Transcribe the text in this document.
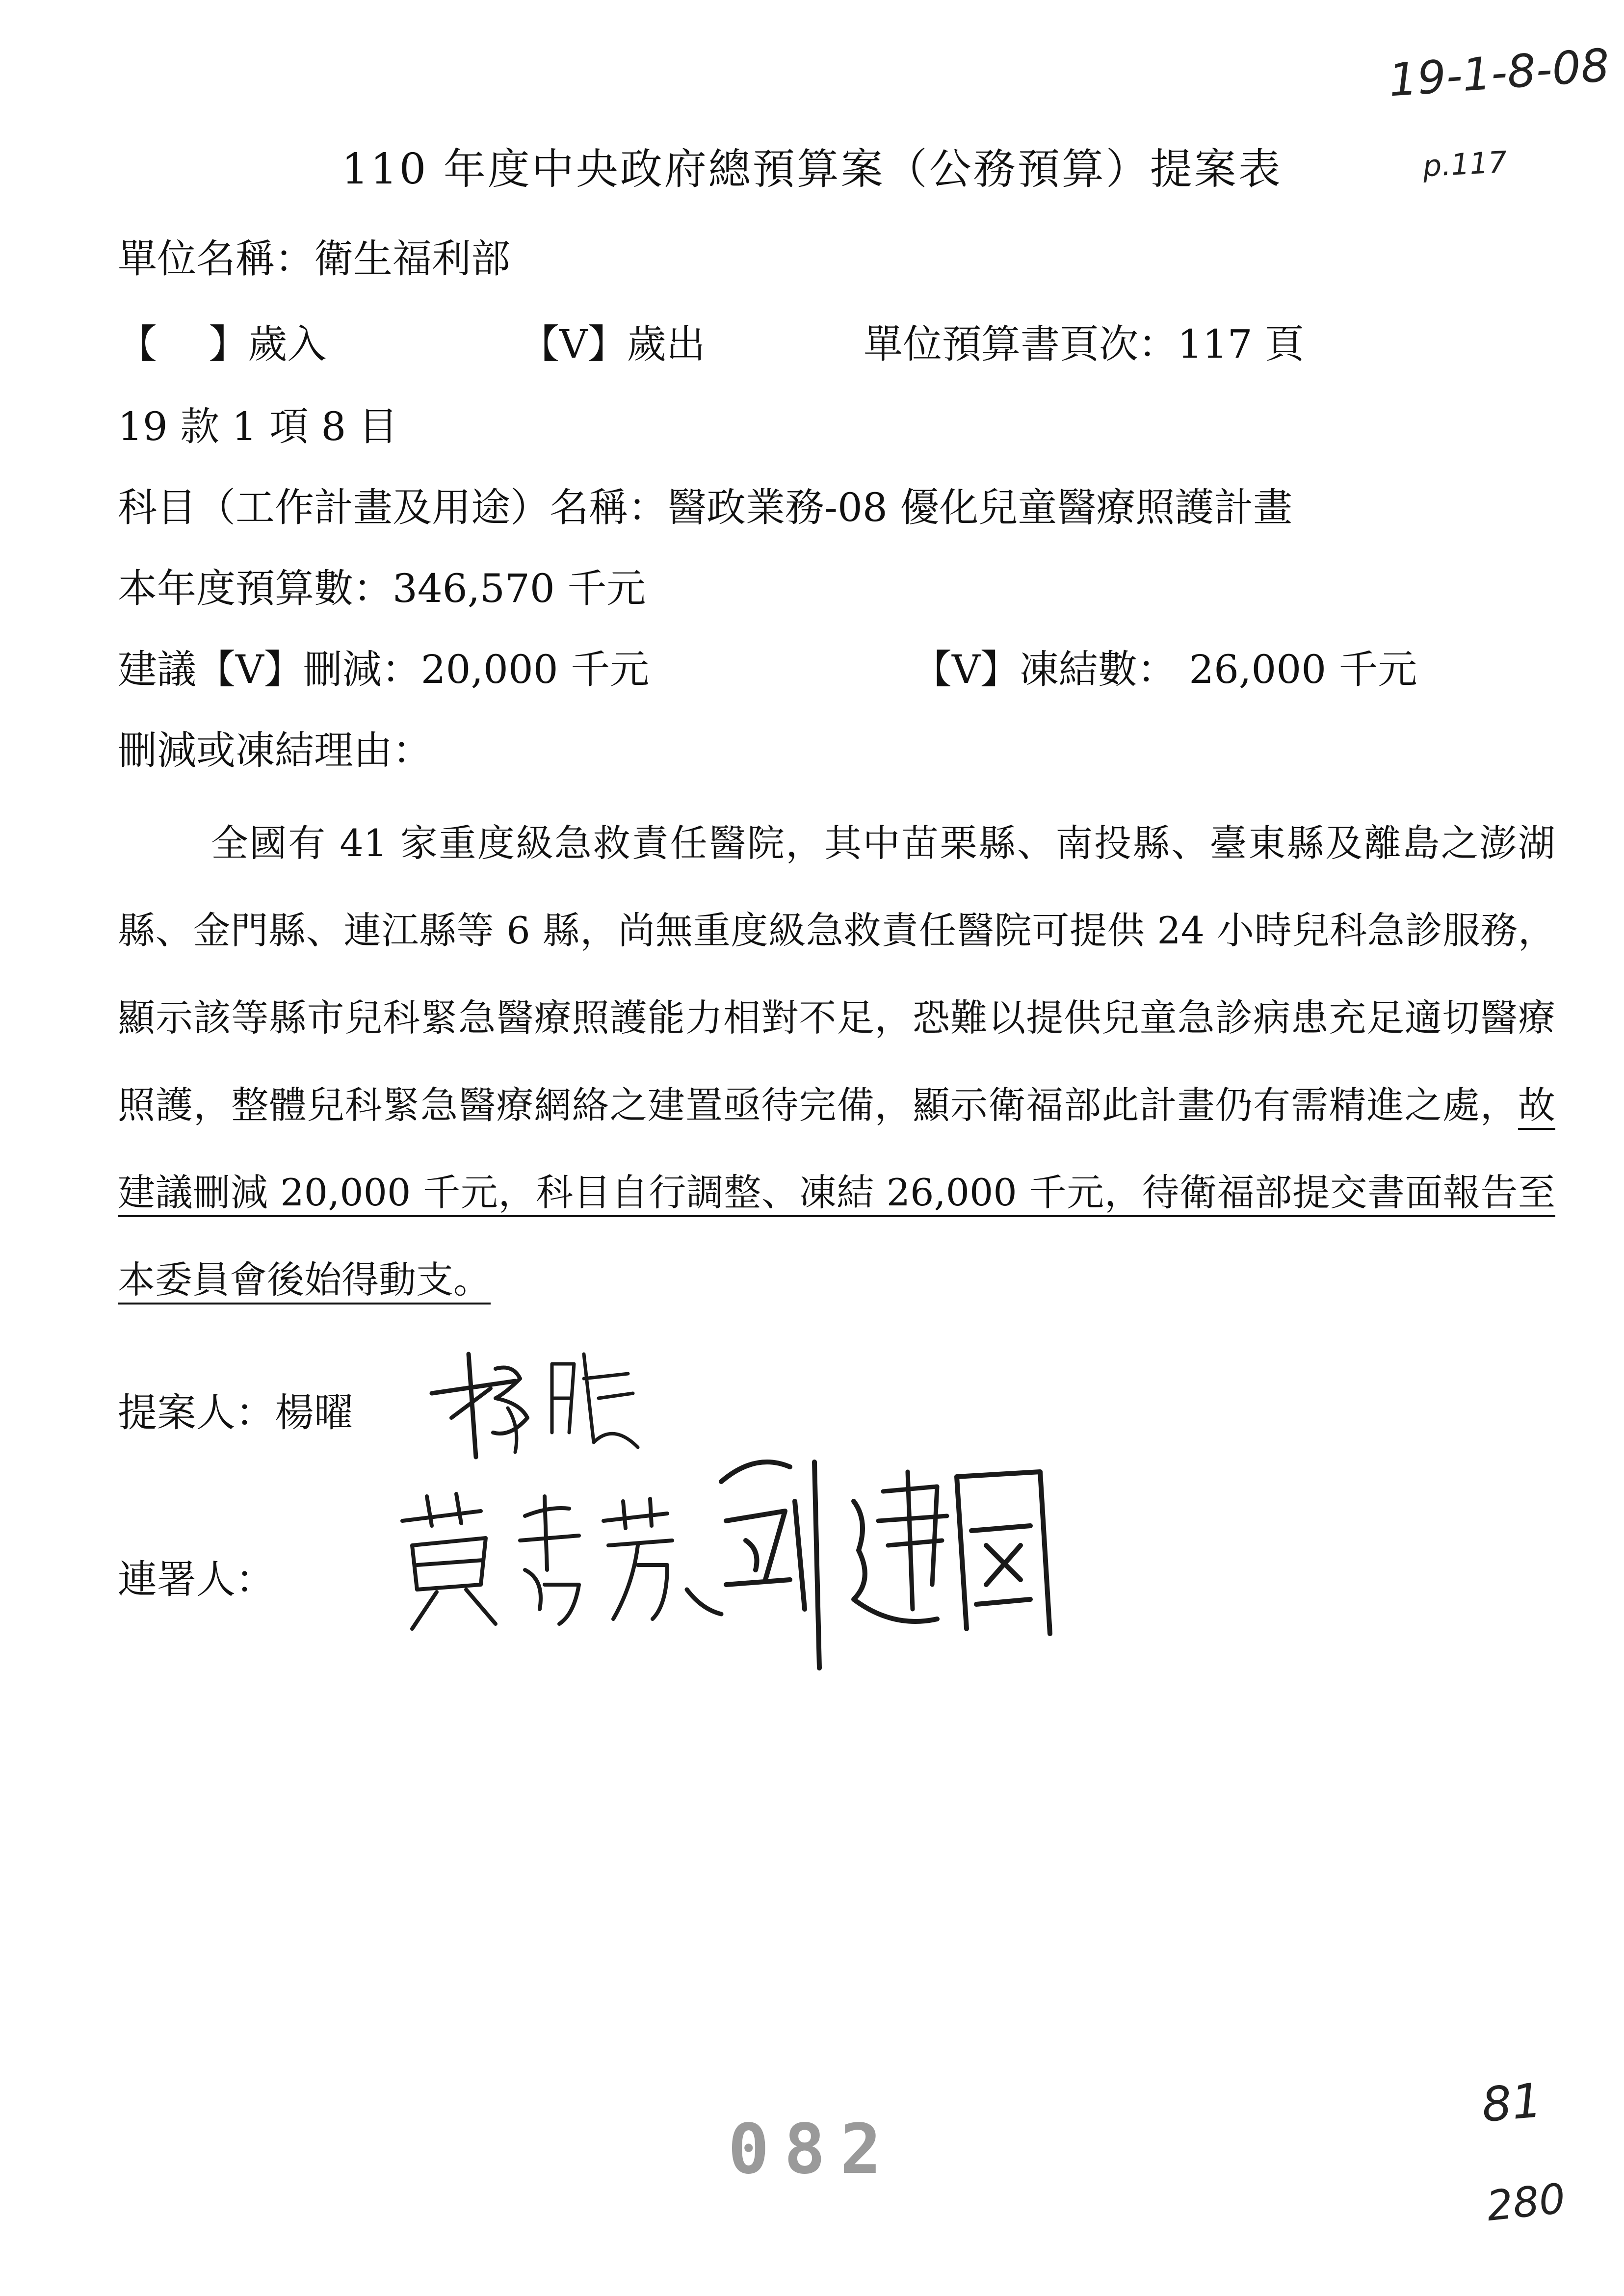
19-1-8-08
p.117
110 年度中央政府總預算案（公務預算）提案表
單位名稱：衛生福利部
【　 】歲入	【V】歲出	單位預算書頁次：117 頁
19 款 1 項 8 目
科目（工作計畫及用途）名稱：醫政業務-08 優化兒童醫療照護計畫
本年度預算數：346,570 千元
建議【V】刪減：20,000 千元	【V】凍結數： 26,000 千元
刪減或凍結理由：
全國有 41 家重度級急救責任醫院，其中苗栗縣、南投縣、臺東縣及離島之澎湖縣、金門縣、連江縣等 6 縣，尚無重度級急救責任醫院可提供 24 小時兒科急診服務，顯示該等縣市兒科緊急醫療照護能力相對不足，恐難以提供兒童急診病患充足適切醫療照護，整體兒科緊急醫療網絡之建置亟待完備，顯示衛福部此計畫仍有需精進之處，故建議刪減 20,000 千元，科目自行調整、凍結 26,000 千元，待衛福部提交書面報告至本委員會後始得動支。
提案人：楊曜
連署人：
082
81
280
